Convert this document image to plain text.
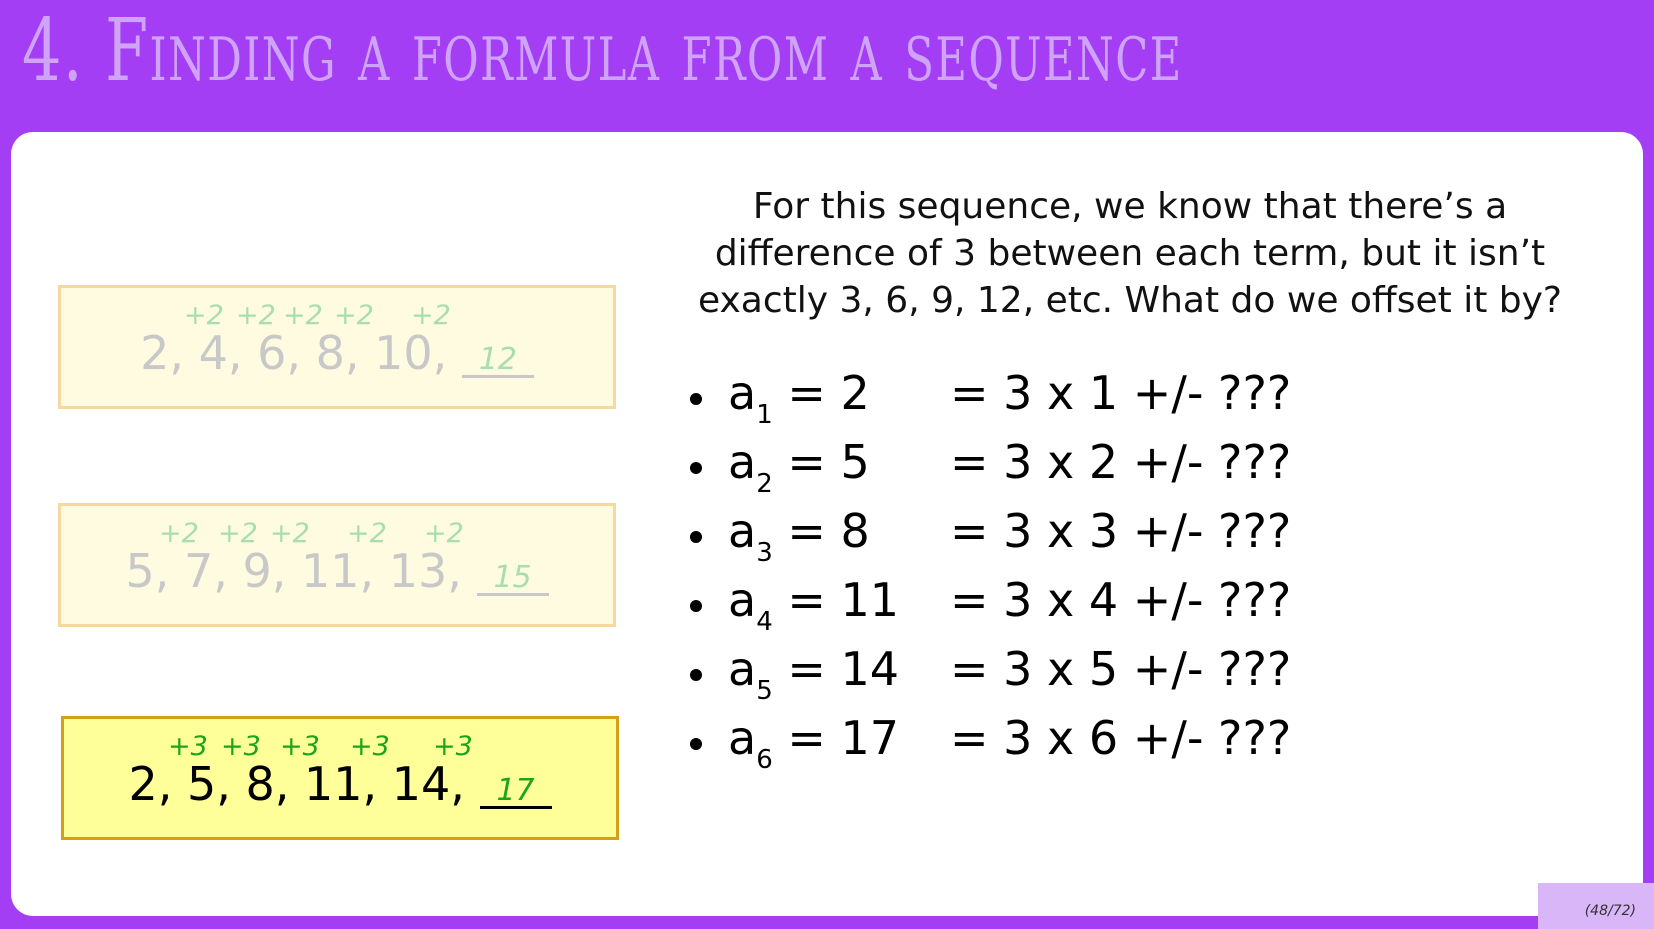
4. Finding a formula from a sequence
+2 +2 +2 +2 +2
2, 4, 6, 8, 10, 12
+2 +2 +2 +2 +2
5, 7, 9, 11, 13, 15
+3 +3 +3 +3 +3
2, 5, 8, 11, 14, 17
For this sequence, we know that there’s a
difference of 3 between each term, but it isn’t
exactly 3, 6, 9, 12, etc. What do we offset it by?
$a_1 = 2 = 3$ x 1 +/- ???
$a_2 = 5 = 3$ x 2 +/- ???
$a_3 = 8 = 3$ x 3 +/- ???
$a_4 = 11 = 3$ x 4 +/- ???
$a_5 = 14 = 3$ x 5 +/- ???
$a_6 = 17 = 3$ x 6 +/- ???
(48/72)
